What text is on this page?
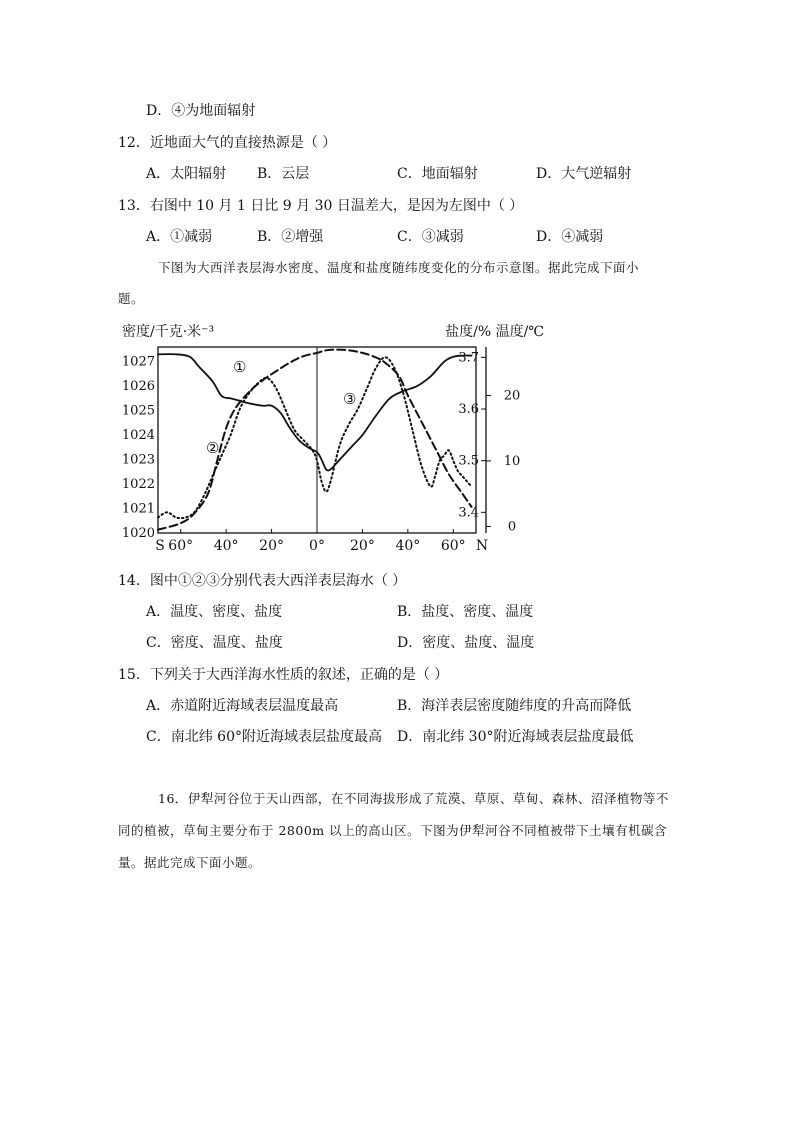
D．④为地面辐射
12．近地面大气的直接热源是（ ）
A．太阳辐射 B．云层	C．地面辐射	D．大气逆辐射
13．右图中 10 月 1 日比 9 月 30 日温差大，是因为左图中（ ）
A．①减弱	B．②增强	C．③减弱	D．④减弱
下图为大西洋表层海水密度、温度和盐度随纬度变化的分布示意图。据此完成下面小
题。
密度/千克·米⁻³	盐度/% 温度/℃
1027
1026
1025
1024
1023
1022
1021
1020
3.7
3.6
3.5
3.4
20
10
0
S 60° 40° 20° 0° 20° 40° 60° N
①
②
③
14．图中①②③分别代表大西洋表层海水（ ）
A．温度、密度、盐度	B．盐度、密度、温度
C．密度、温度、盐度	D．密度、盐度、温度
15．下列关于大西洋海水性质的叙述，正确的是（ ）
A．赤道附近海域表层温度最高	B．海洋表层密度随纬度的升高而降低
C．南北纬 60°附近海域表层盐度最高 D．南北纬 30°附近海域表层盐度最低
16．伊犁河谷位于天山西部，在不同海拔形成了荒漠、草原、草甸、森林、沼泽植物等不同的植被，草甸主要分布于 2800m 以上的高山区。下图为伊犁河谷不同植被带下土壤有机碳含量。据此完成下面小题。
